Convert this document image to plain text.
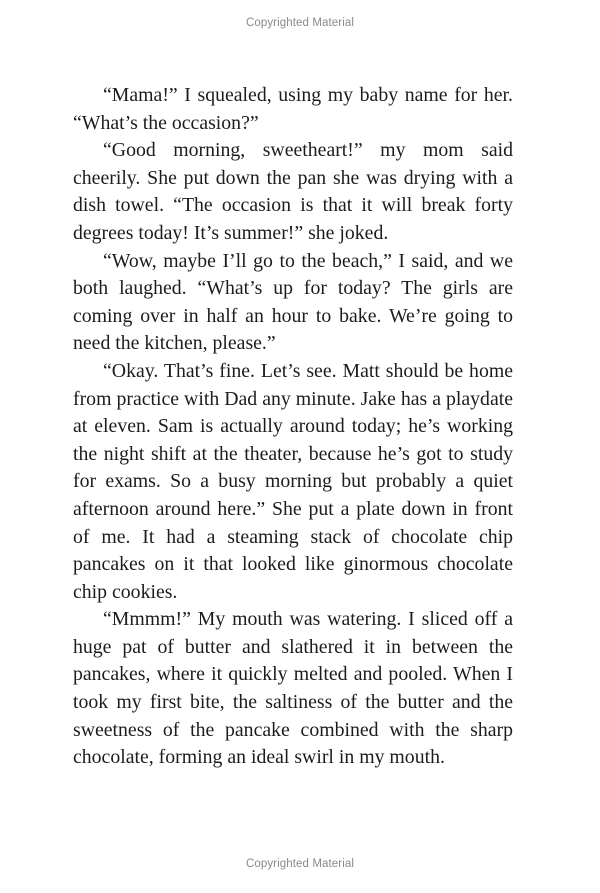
Copyrighted Material

“Mama!” I squealed, using my baby name for her. “What’s the occasion?”

“Good morning, sweetheart!” my mom said cheerily. She put down the pan she was drying with a dish towel. “The occasion is that it will break forty degrees today! It’s summer!” she joked.

“Wow, maybe I’ll go to the beach,” I said, and we both laughed. “What’s up for today? The girls are coming over in half an hour to bake. We’re going to need the kitchen, please.”

“Okay. That’s fine. Let’s see. Matt should be home from practice with Dad any minute. Jake has a playdate at eleven. Sam is actually around today; he’s working the night shift at the theater, because he’s got to study for exams. So a busy morning but probably a quiet afternoon around here.” She put a plate down in front of me. It had a steaming stack of chocolate chip pancakes on it that looked like ginormous chocolate chip cookies.

“Mmmm!” My mouth was watering. I sliced off a huge pat of butter and slathered it in between the pancakes, where it quickly melted and pooled. When I took my first bite, the saltiness of the butter and the sweetness of the pancake combined with the sharp chocolate, forming an ideal swirl in my mouth.

Copyrighted Material
